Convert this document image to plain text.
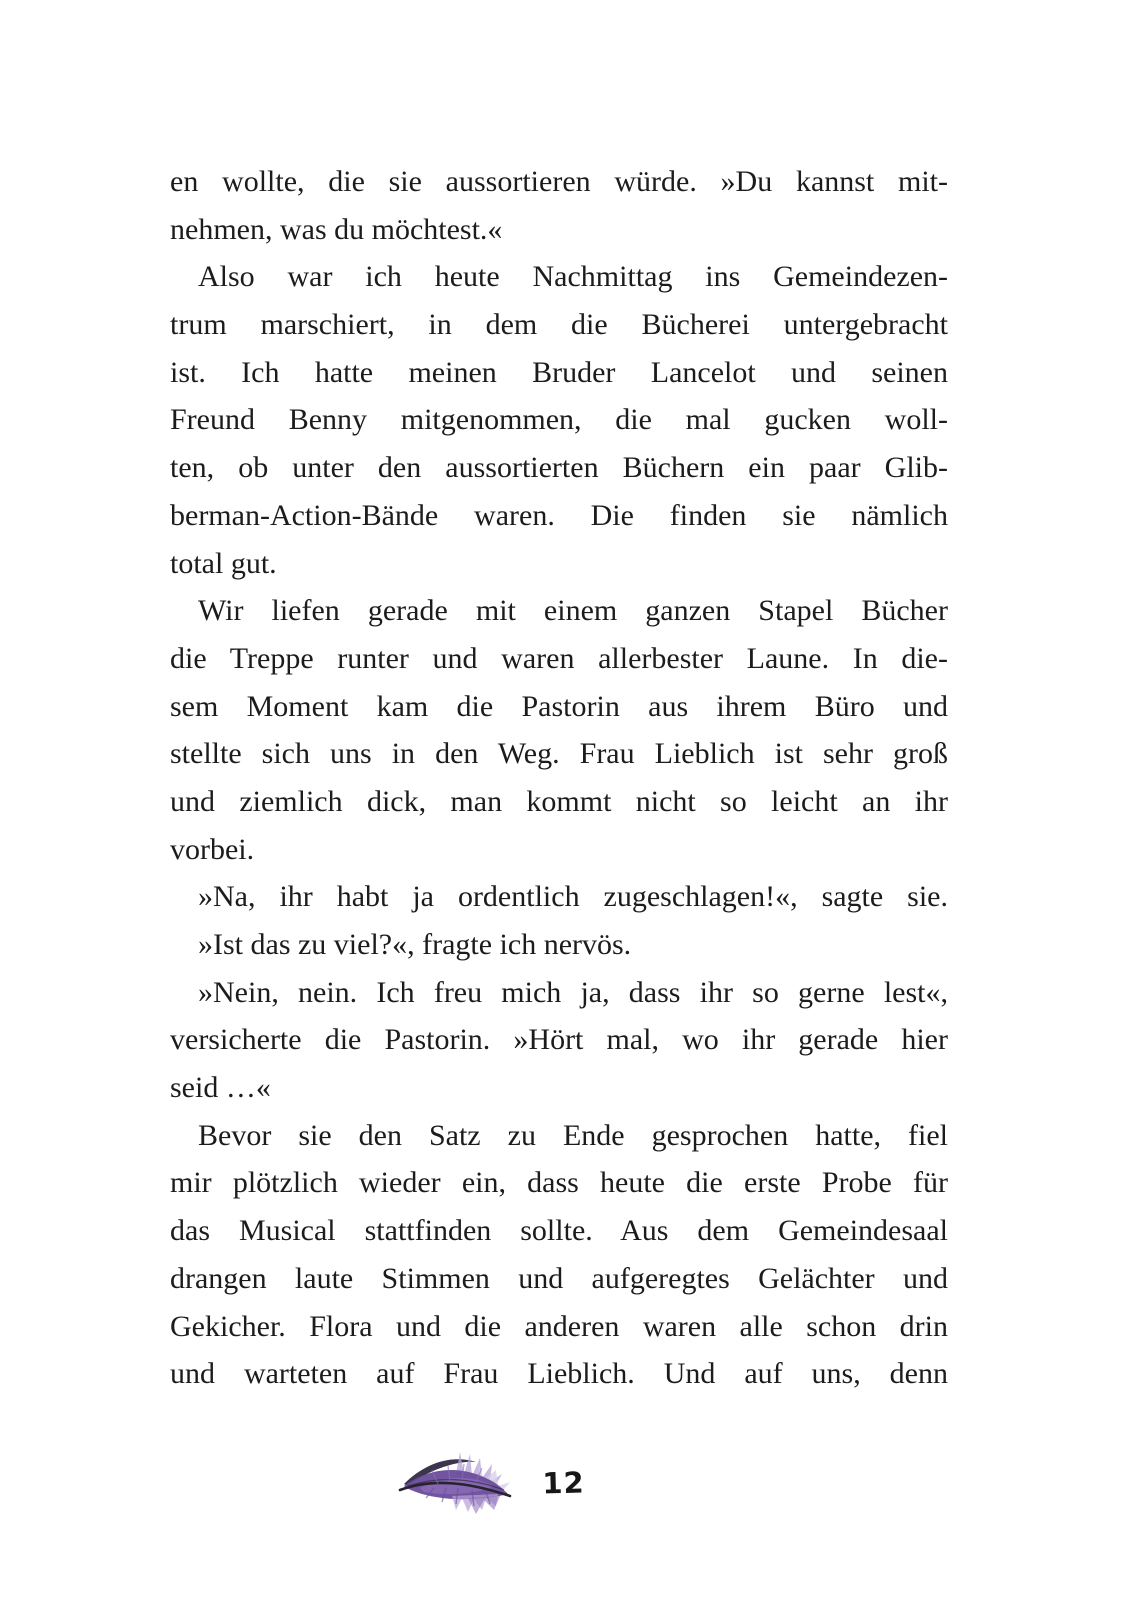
en wollte, die sie aussortieren würde. »Du kannst mit-
nehmen, was du möchtest.«
Also war ich heute Nachmittag ins Gemeindezen-
trum marschiert, in dem die Bücherei untergebracht
ist. Ich hatte meinen Bruder Lancelot und seinen
Freund Benny mitgenommen, die mal gucken woll-
ten, ob unter den aussortierten Büchern ein paar Glib-
berman-Action-Bände waren. Die finden sie nämlich
total gut.
Wir liefen gerade mit einem ganzen Stapel Bücher
die Treppe runter und waren allerbester Laune. In die-
sem Moment kam die Pastorin aus ihrem Büro und
stellte sich uns in den Weg. Frau Lieblich ist sehr groß
und ziemlich dick, man kommt nicht so leicht an ihr
vorbei.
»Na, ihr habt ja ordentlich zugeschlagen!«, sagte sie.
»Ist das zu viel?«, fragte ich nervös.
»Nein, nein. Ich freu mich ja, dass ihr so gerne lest«,
versicherte die Pastorin. »Hört mal, wo ihr gerade hier
seid …«
Bevor sie den Satz zu Ende gesprochen hatte, fiel
mir plötzlich wieder ein, dass heute die erste Probe für
das Musical stattfinden sollte. Aus dem Gemeindesaal
drangen laute Stimmen und aufgeregtes Gelächter und
Gekicher. Flora und die anderen waren alle schon drin
und warteten auf Frau Lieblich. Und auf uns, denn
12
